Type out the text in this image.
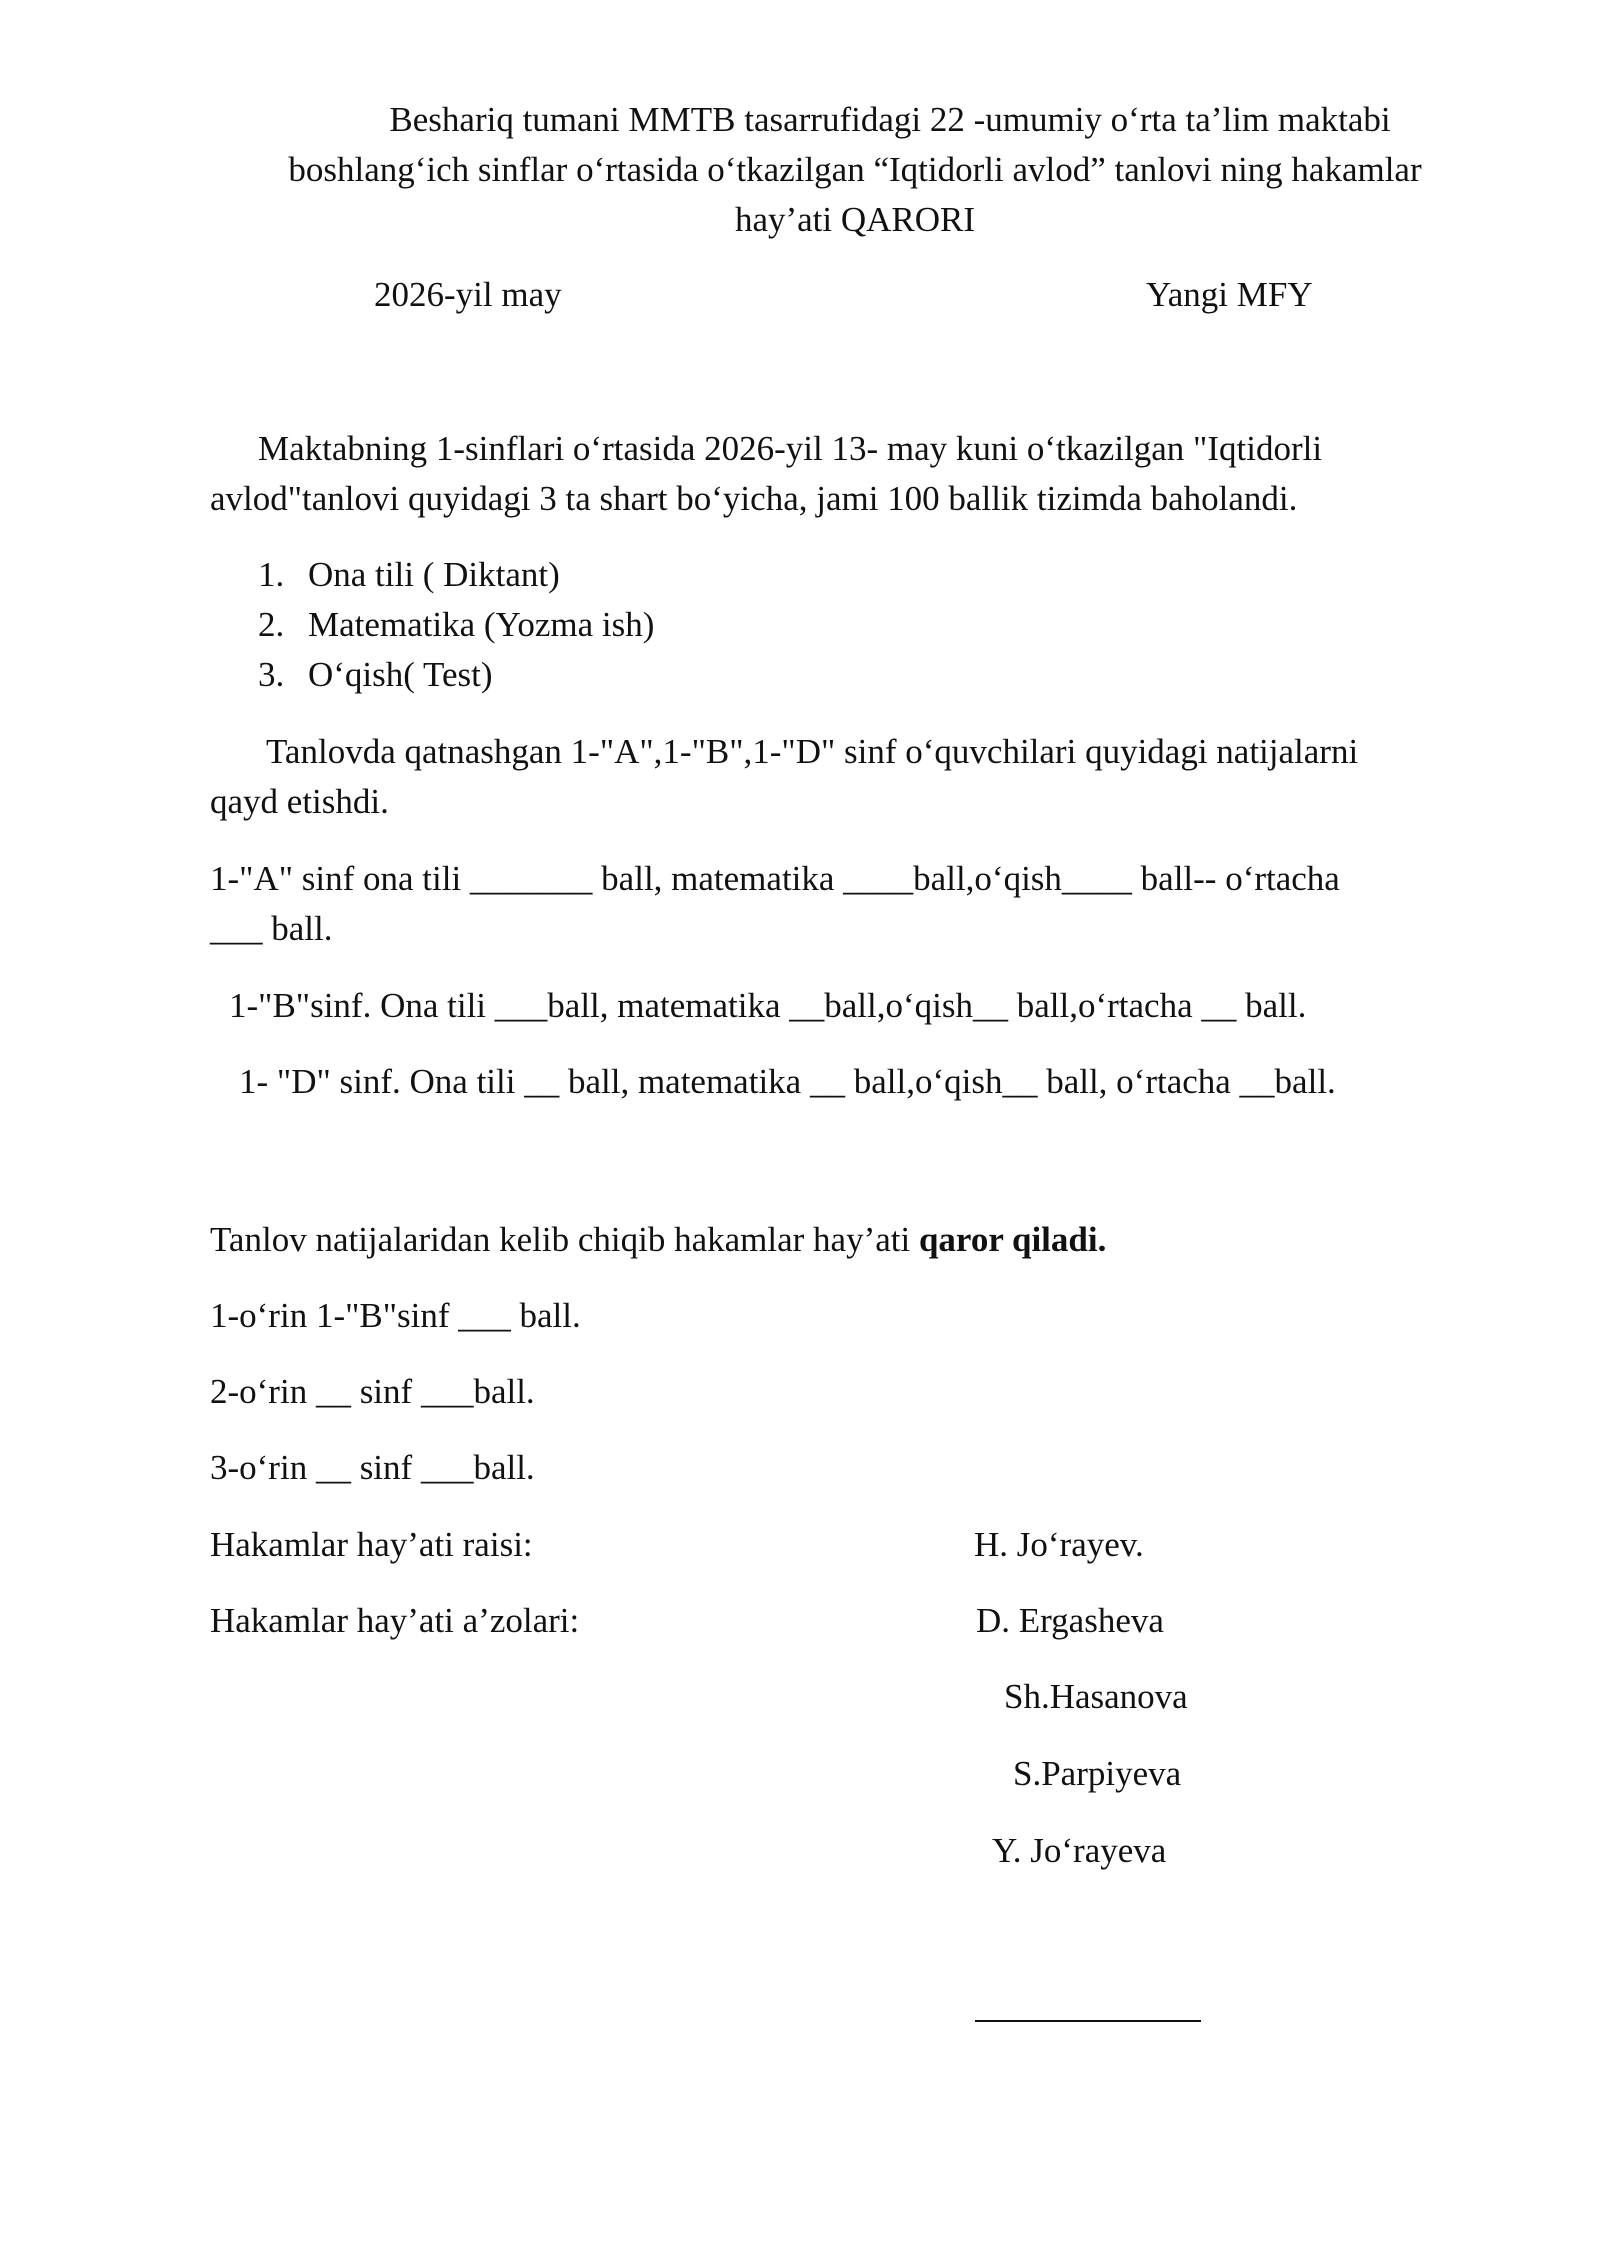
Beshariq tumani MMTB tasarrufidagi 22 -umumiy o‘rta ta’lim maktabi
boshlang‘ich sinflar o‘rtasida o‘tkazilgan “Iqtidorli avlod” tanlovi ning hakamlar
hay’ati QARORI
2026-yil may	Yangi MFY
Maktabning 1-sinflari o‘rtasida 2026-yil 13- may kuni o‘tkazilgan "Iqtidorli
avlod"tanlovi quyidagi 3 ta shart bo‘yicha, jami 100 ballik tizimda baholandi.
1. Ona tili ( Diktant)
2. Matematika (Yozma ish)
3. O‘qish( Test)
Tanlovda qatnashgan 1-"A",1-"B",1-"D" sinf o‘quvchilari quyidagi natijalarni
qayd etishdi.
1-"A" sinf ona tili _______ ball, matematika ____ball,o‘qish____ ball-- o‘rtacha
___ ball.
1-"B"sinf. Ona tili ___ball, matematika __ball,o‘qish__ ball,o‘rtacha __ ball.
1- "D" sinf. Ona tili __ ball, matematika __ ball,o‘qish__ ball, o‘rtacha __ball.
Tanlov natijalaridan kelib chiqib hakamlar hay’ati qaror qiladi.
1-o‘rin 1-"B"sinf ___ ball.
2-o‘rin __ sinf ___ball.
3-o‘rin __ sinf ___ball.
Hakamlar hay’ati raisi:	H. Jo‘rayev.
Hakamlar hay’ati a’zolari:	D. Ergasheva
Sh.Hasanova
S.Parpiyeva
Y. Jo‘rayeva
